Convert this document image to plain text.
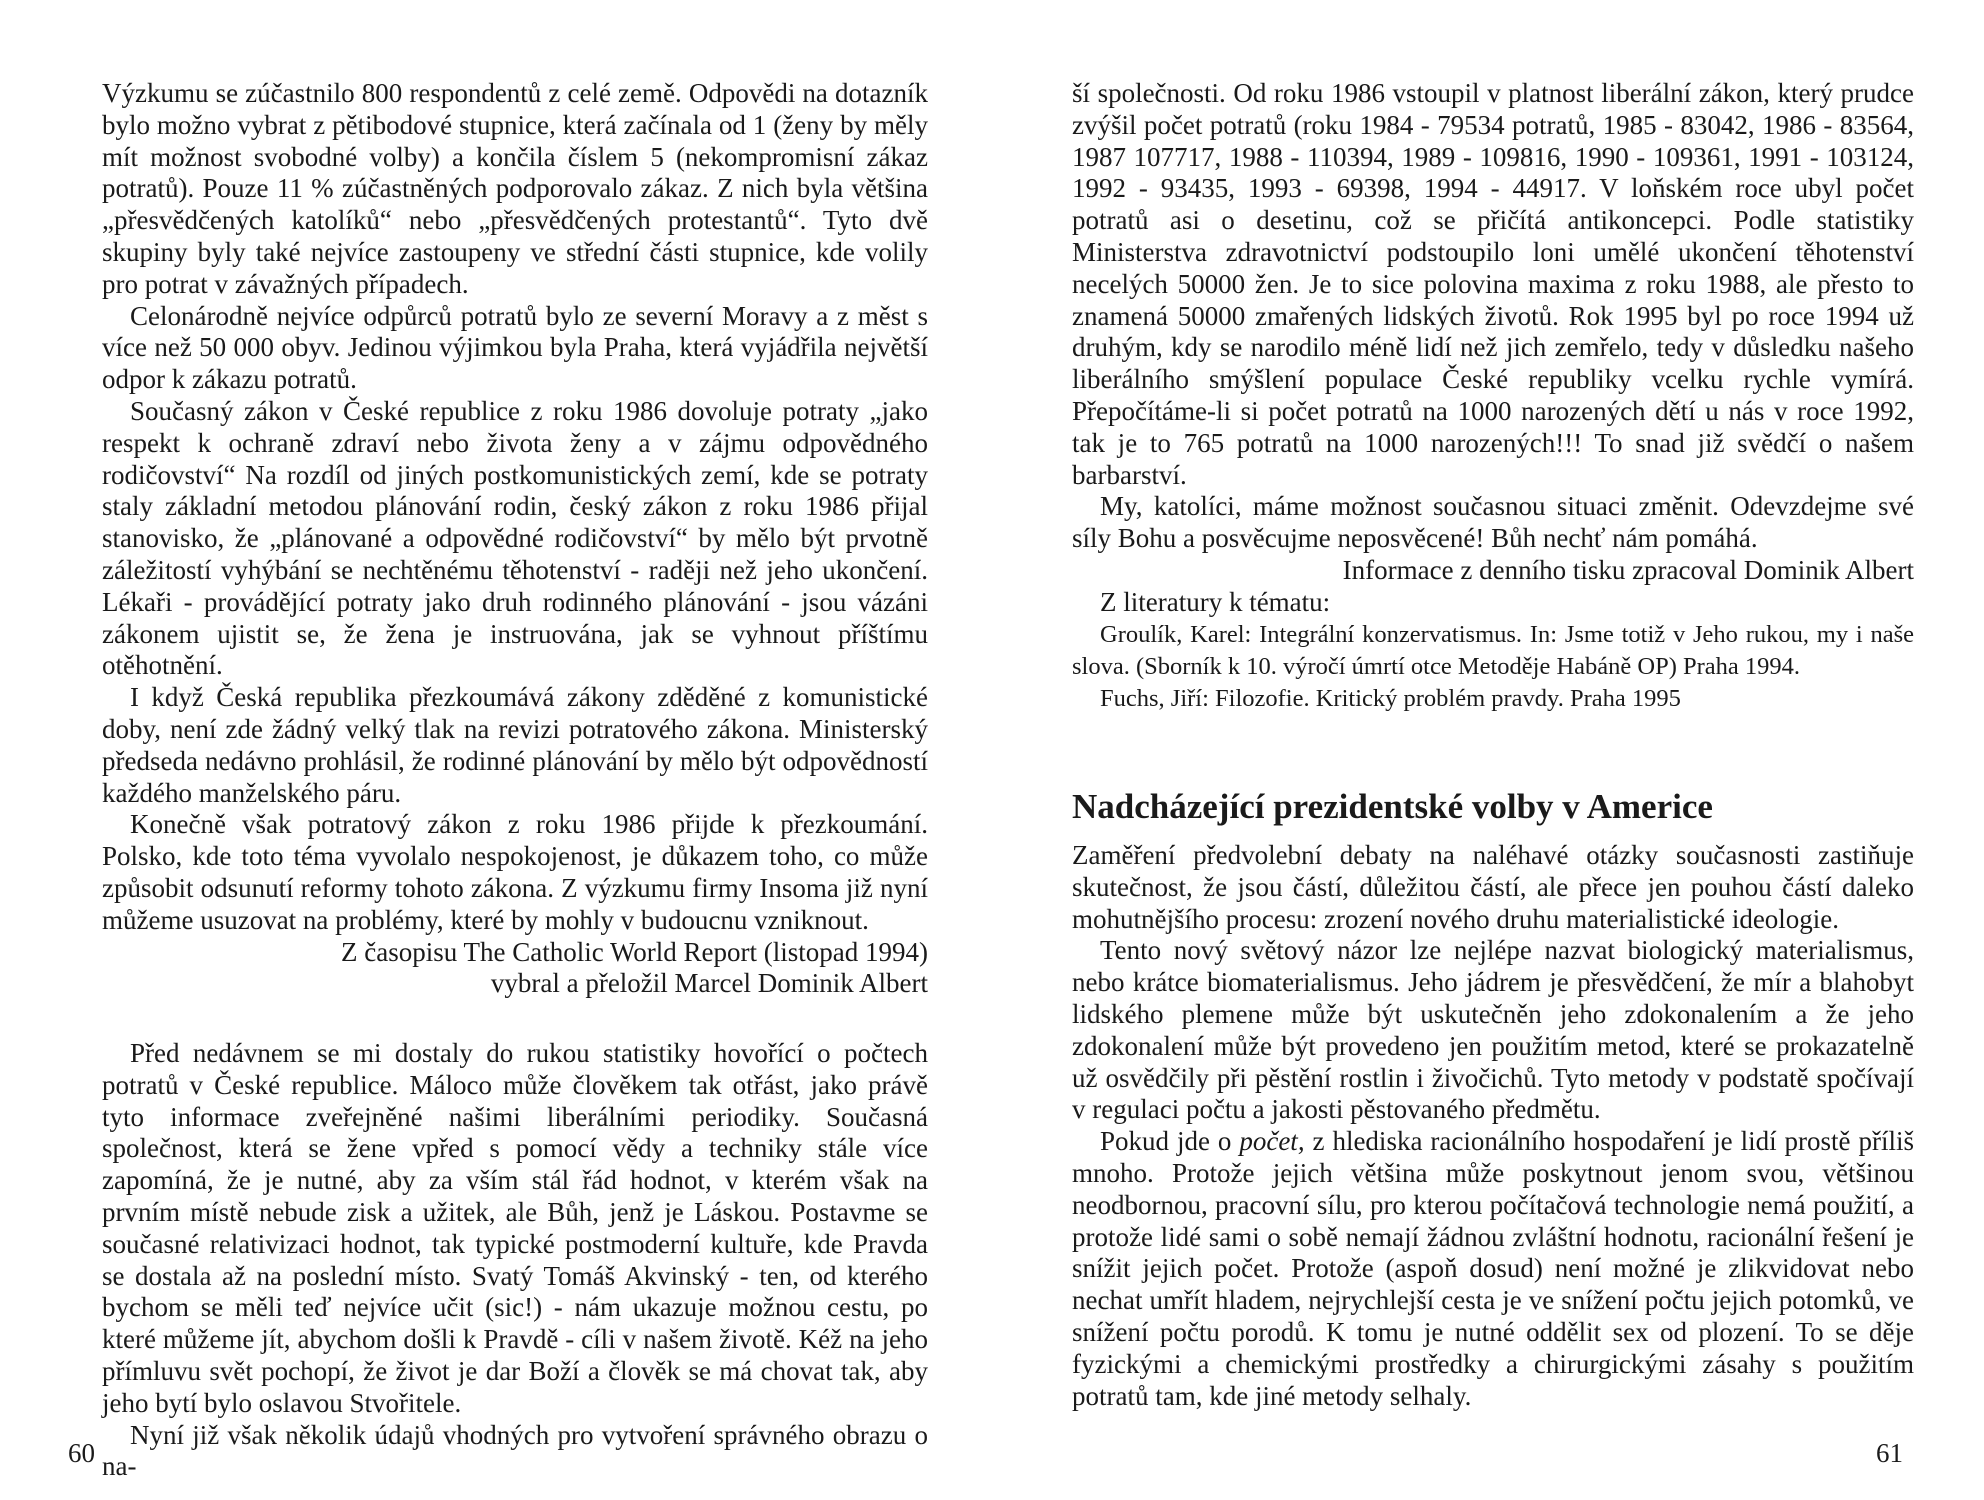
Výzkumu se zúčastnilo 800 respondentů z celé země. Odpovědi na dotazník bylo možno vybrat z pětibodové stupnice, která začínala od 1 (ženy by měly mít možnost svobodné volby) a končila číslem 5 (nekompromisní zákaz potratů). Pouze 11 % zúčastněných podporovalo zákaz. Z nich byla většina „přesvědčených katolíků“ nebo „přesvědčených protestantů“. Tyto dvě skupiny byly také nejvíce zastoupeny ve střední části stupnice, kde volily pro potrat v závažných případech.

Celonárodně nejvíce odpůrců potratů bylo ze severní Moravy a z měst s více než 50 000 obyv. Jedinou výjimkou byla Praha, která vyjádřila největší odpor k zákazu potratů.

Současný zákon v České republice z roku 1986 dovoluje potraty „jako respekt k ochraně zdraví nebo života ženy a v zájmu odpovědného rodičovství“ Na rozdíl od jiných postkomunistických zemí, kde se potraty staly základní metodou plánování rodin, český zákon z roku 1986 přijal stanovisko, že „plánované a odpovědné rodičovství“ by mělo být prvotně záležitostí vyhýbání se nechtěnému těhotenství - raději než jeho ukončení. Lékaři - provádějící potraty jako druh rodinného plánování - jsou vázáni zákonem ujistit se, že žena je instruována, jak se vyhnout příštímu otěhotnění.

I když Česká republika přezkoumává zákony zděděné z komunistické doby, není zde žádný velký tlak na revizi potratového zákona. Ministerský předseda nedávno prohlásil, že rodinné plánování by mělo být odpovědností každého manželského páru.

Konečně však potratový zákon z roku 1986 přijde k přezkoumání. Polsko, kde toto téma vyvolalo nespokojenost, je důkazem toho, co může způsobit odsunutí reformy tohoto zákona. Z výzkumu firmy Insoma již nyní můžeme usuzovat na problémy, které by mohly v budoucnu vzniknout.

Z časopisu The Catholic World Report (listopad 1994)

vybral a přeložil Marcel Dominik Albert

Před nedávnem se mi dostaly do rukou statistiky hovořící o počtech potratů v České republice. Máloco může člověkem tak otřást, jako právě tyto informace zveřejněné našimi liberálními periodiky. Současná společnost, která se žene vpřed s pomocí vědy a techniky stále více zapomíná, že je nutné, aby za vším stál řád hodnot, v kterém však na prvním místě nebude zisk a užitek, ale Bůh, jenž je Láskou. Postavme se současné relativizaci hodnot, tak typické postmoderní kultuře, kde Pravda se dostala až na poslední místo. Svatý Tomáš Akvinský - ten, od kterého bychom se měli teď nejvíce učit (sic!) - nám ukazuje možnou cestu, po které můžeme jít, abychom došli k Pravdě - cíli v našem životě. Kéž na jeho přímluvu svět pochopí, že život je dar Boží a člověk se má chovat tak, aby jeho bytí bylo oslavou Stvořitele.

Nyní již však několik údajů vhodných pro vytvoření správného obrazu o na-

60

ší společnosti. Od roku 1986 vstoupil v platnost liberální zákon, který prudce zvýšil počet potratů (roku 1984 - 79534 potratů, 1985 - 83042, 1986 - 83564, 1987 107717, 1988 - 110394, 1989 - 109816, 1990 - 109361, 1991 - 103124, 1992 - 93435, 1993 - 69398, 1994 - 44917. V loňském roce ubyl počet potratů asi o desetinu, což se přičítá antikoncepci. Podle statistiky Ministerstva zdravotnictví podstoupilo loni umělé ukončení těhotenství necelých 50000 žen. Je to sice polovina maxima z roku 1988, ale přesto to znamená 50000 zmařených lidských životů. Rok 1995 byl po roce 1994 už druhým, kdy se narodilo méně lidí než jich zemřelo, tedy v důsledku našeho liberálního smýšlení populace České republiky vcelku rychle vymírá. Přepočítáme-li si počet potratů na 1000 narozených dětí u nás v roce 1992, tak je to 765 potratů na 1000 narozených!!! To snad již svědčí o našem barbarství.

My, katolíci, máme možnost současnou situaci změnit. Odevzdejme své síly Bohu a posvěcujme neposvěcené! Bůh nechť nám pomáhá.

Informace z denního tisku zpracoval Dominik Albert

Z literatury k tématu:

Groulík, Karel: Integrální konzervatismus. In: Jsme totiž v Jeho rukou, my i naše slova. (Sborník k 10. výročí úmrtí otce Metoděje Habáně OP) Praha 1994.

Fuchs, Jiří: Filozofie. Kritický problém pravdy. Praha 1995

Nadcházející prezidentské volby v Americe

Zaměření předvolební debaty na naléhavé otázky současnosti zastiňuje skutečnost, že jsou částí, důležitou částí, ale přece jen pouhou částí daleko mohutnějšího procesu: zrození nového druhu materialistické ideologie.

Tento nový světový názor lze nejlépe nazvat biologický materialismus, nebo krátce biomaterialismus. Jeho jádrem je přesvědčení, že mír a blahobyt lidského plemene může být uskutečněn jeho zdokonalením a že jeho zdokonalení může být provedeno jen použitím metod, které se prokazatelně už osvědčily při pěstění rostlin i živočichů. Tyto metody v podstatě spočívají v regulaci počtu a jakosti pěstovaného předmětu.

Pokud jde o počet, z hlediska racionálního hospodaření je lidí prostě příliš mnoho. Protože jejich většina může poskytnout jenom svou, většinou neodbornou, pracovní sílu, pro kterou počítačová technologie nemá použití, a protože lidé sami o sobě nemají žádnou zvláštní hodnotu, racionální řešení je snížit jejich počet. Protože (aspoň dosud) není možné je zlikvidovat nebo nechat umřít hladem, nejrychlejší cesta je ve snížení počtu jejich potomků, ve snížení počtu porodů. K tomu je nutné oddělit sex od plození. To se děje fyzickými a chemickými prostředky a chirurgickými zásahy s použitím potratů tam, kde jiné metody selhaly.

61
